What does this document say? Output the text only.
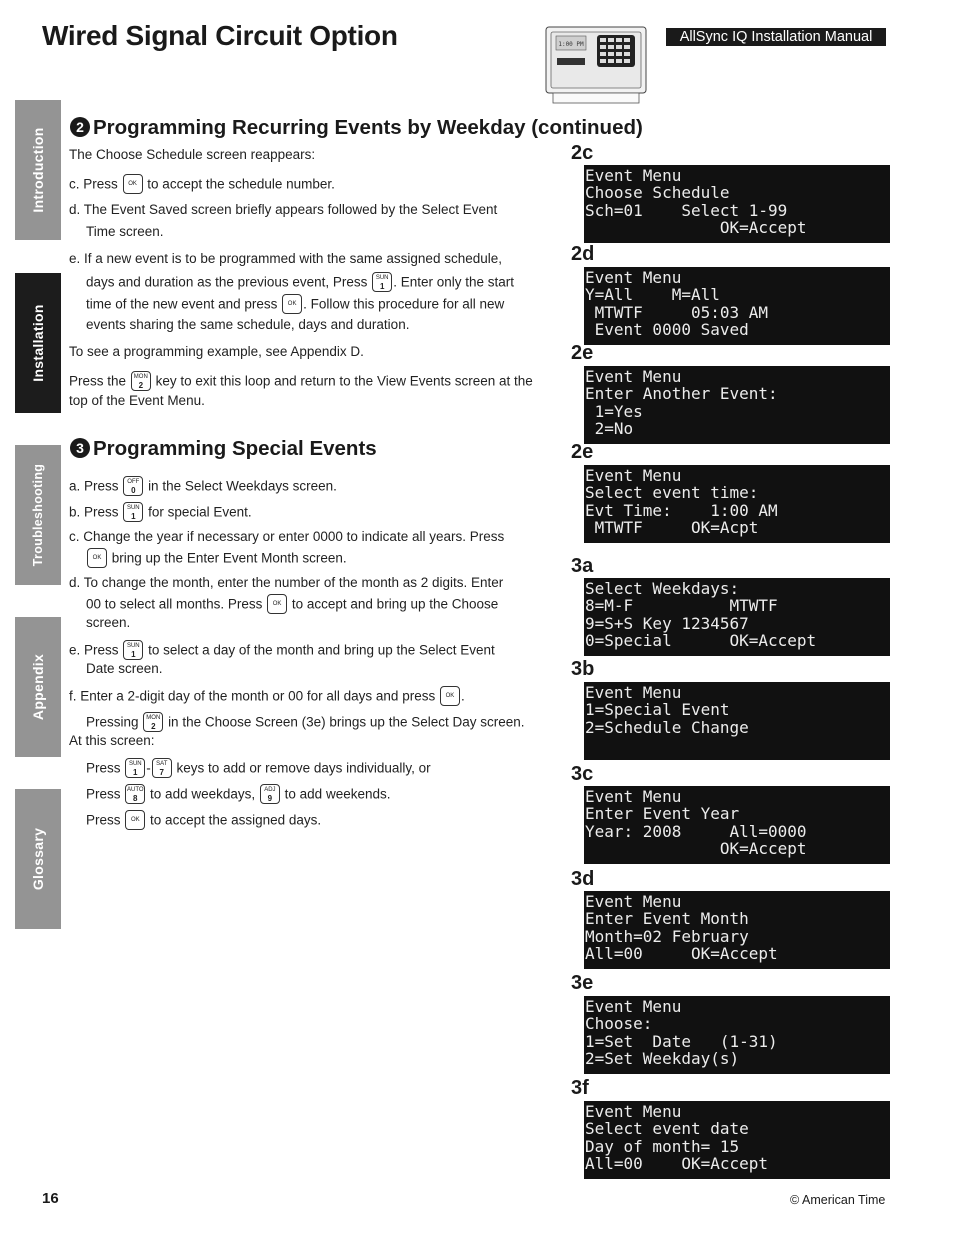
Wired Signal Circuit Option	1:00 PM	AllSync IQ Installation Manual
Introduction
Installation
Troubleshooting
Appendix
Glossary
2 Programming Recurring Events by Weekday (continued)
The Choose Schedule screen reappears:
c. Press OK to accept the schedule number.
d. The Event Saved screen briefly appears followed by the Select Event
Time screen.
e. If a new event is to be programmed with the same assigned schedule,
days and duration as the previous event, Press SUN
1 . Enter only the start
time of the new event and press OK . Follow this procedure for all new
events sharing the same schedule, days and duration.
To see a programming example, see Appendix D.
Press the MON
2 key to exit this loop and return to the View Events screen at the
top of the Event Menu.
3 Programming Special Events
a. Press OFF
0 in the Select Weekdays screen.
b. Press SUN
1 for special Event.
c. Change the year if necessary or enter 0000 to indicate all years. Press
OK bring up the Enter Event Month screen.
d. To change the month, enter the number of the month as 2 digits. Enter
00 to select all months. Press OK to accept and bring up the Choose
screen.
e. Press SUN
1 to select a day of the month and bring up the Select Event
Date screen.
f. Enter a 2-digit day of the month or 00 for all days and press OK .
Pressing MON
2 in the Choose Screen (3e) brings up the Select Day screen.
At this screen:
Press SUN
1 - SAT
7 keys to add or remove days individually, or
Press AUTO
8 to add weekdays, ADJ
9 to add weekends.
Press OK to accept the assigned days.
2c
Event Menu
Choose Schedule
Sch=01    Select 1-99
OK=Accept
2d
Event Menu
Y=All    M=All
MTWTF     05:03 AM
Event 0000 Saved
2e
Event Menu
Enter Another Event:
1=Yes
2=No
2e
Event Menu
Select event time:
Evt Time:    1:00 AM
MTWTF     OK=Acpt
3a
Select Weekdays:
8=M-F          MTWTF
9=S+S Key 1234567
0=Special      OK=Accept
3b
Event Menu
1=Special Event
2=Schedule Change
3c
Event Menu
Enter Event Year
Year: 2008     All=0000
OK=Accept
3d
Event Menu
Enter Event Month
Month=02 February
All=00     OK=Accept
3e
Event Menu
Choose:
1=Set  Date   (1-31)
2=Set Weekday(s)
3f
Event Menu
Select event date
Day of month= 15
All=00    OK=Accept
16	© American Time
